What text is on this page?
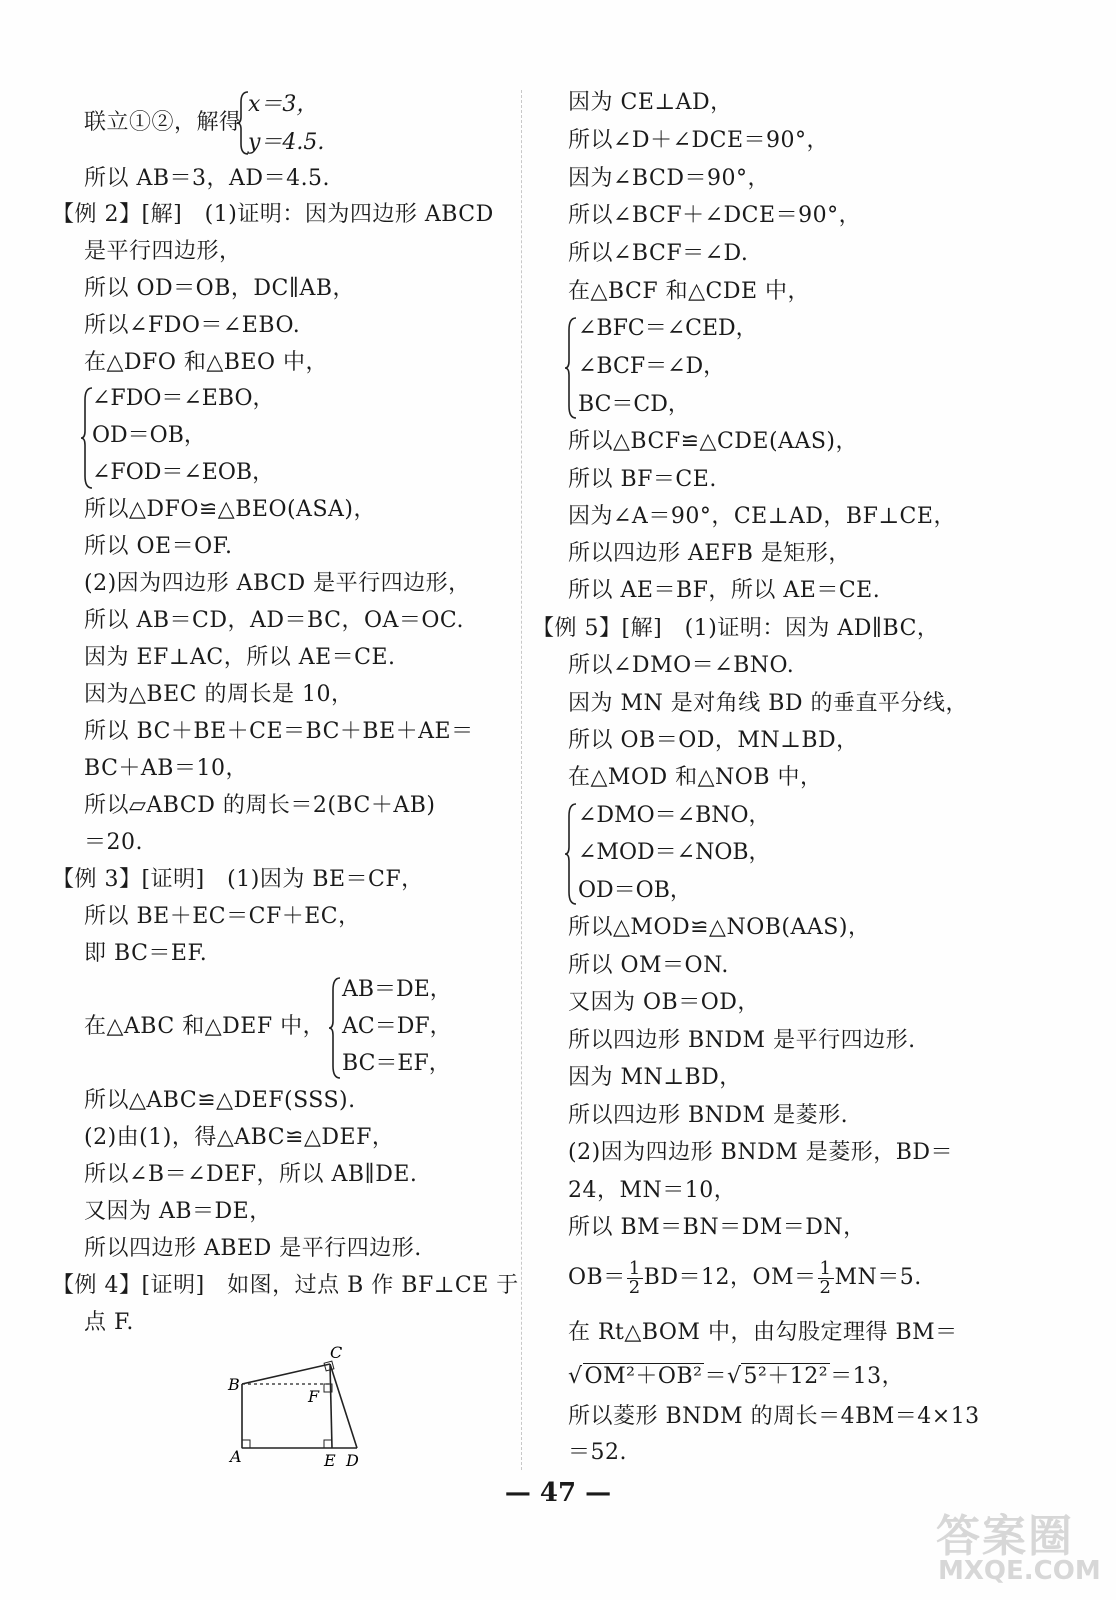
联立①②，解得
x＝3，
y＝4.5.
所以 AB＝3，AD＝4.5.
【例 2】[解]　(1)证明：因为四边形 ABCD
是平行四边形，
所以 OD＝OB，DC∥AB，
所以∠FDO＝∠EBO.
在△DFO 和△BEO 中，
∠FDO＝∠EBO，
OD＝OB，
∠FOD＝∠EOB，
所以△DFO≌△BEO(ASA)，
所以 OE＝OF.
(2)因为四边形 ABCD 是平行四边形，
所以 AB＝CD，AD＝BC，OA＝OC.
因为 EF⊥AC，所以 AE＝CE.
因为△BEC 的周长是 10，
所以 BC＋BE＋CE＝BC＋BE＋AE＝
BC＋AB＝10，
所以▱ABCD 的周长＝2(BC＋AB)
＝20.
【例 3】[证明]　(1)因为 BE＝CF，
所以 BE＋EC＝CF＋EC，
即 BC＝EF.
在△ABC 和△DEF 中，
AB＝DE，
AC＝DF，
BC＝EF，
所以△ABC≌△DEF(SSS).
(2)由(1)，得△ABC≌△DEF，
所以∠B＝∠DEF，所以 AB∥DE.
又因为 AB＝DE，
所以四边形 ABED 是平行四边形.
【例 4】[证明]　如图，过点 B 作 BF⊥CE 于
点 F.
B
C
F
A	E D
因为 CE⊥AD，
所以∠D＋∠DCE＝90°，
因为∠BCD＝90°，
所以∠BCF＋∠DCE＝90°，
所以∠BCF＝∠D.
在△BCF 和△CDE 中，
∠BFC＝∠CED，
∠BCF＝∠D，
BC＝CD，
所以△BCF≌△CDE(AAS)，
所以 BF＝CE.
因为∠A＝90°，CE⊥AD，BF⊥CE，
所以四边形 AEFB 是矩形，
所以 AE＝BF，所以 AE＝CE.
【例 5】[解]　(1)证明：因为 AD∥BC，
所以∠DMO＝∠BNO.
因为 MN 是对角线 BD 的垂直平分线，
所以 OB＝OD，MN⊥BD，
在△MOD 和△NOB 中，
∠DMO＝∠BNO，
∠MOD＝∠NOB，
OD＝OB，
所以△MOD≌△NOB(AAS)，
所以 OM＝ON.
又因为 OB＝OD，
所以四边形 BNDM 是平行四边形.
因为 MN⊥BD，
所以四边形 BNDM 是菱形.
(2)因为四边形 BNDM 是菱形，BD＝
24，MN＝10，
所以 BM＝BN＝DM＝DN，
$OB= \frac{1}{2} BD=12$，$OM= \frac{1}{2} MN=5$.
在 Rt△BOM 中，由勾股定理得 BM＝
√OM²＋OB²＝√5²＋12²＝13，
所以菱形 BNDM 的周长＝4BM＝4×13
＝52.
— 47 —
答案圈
MXQE.COM
